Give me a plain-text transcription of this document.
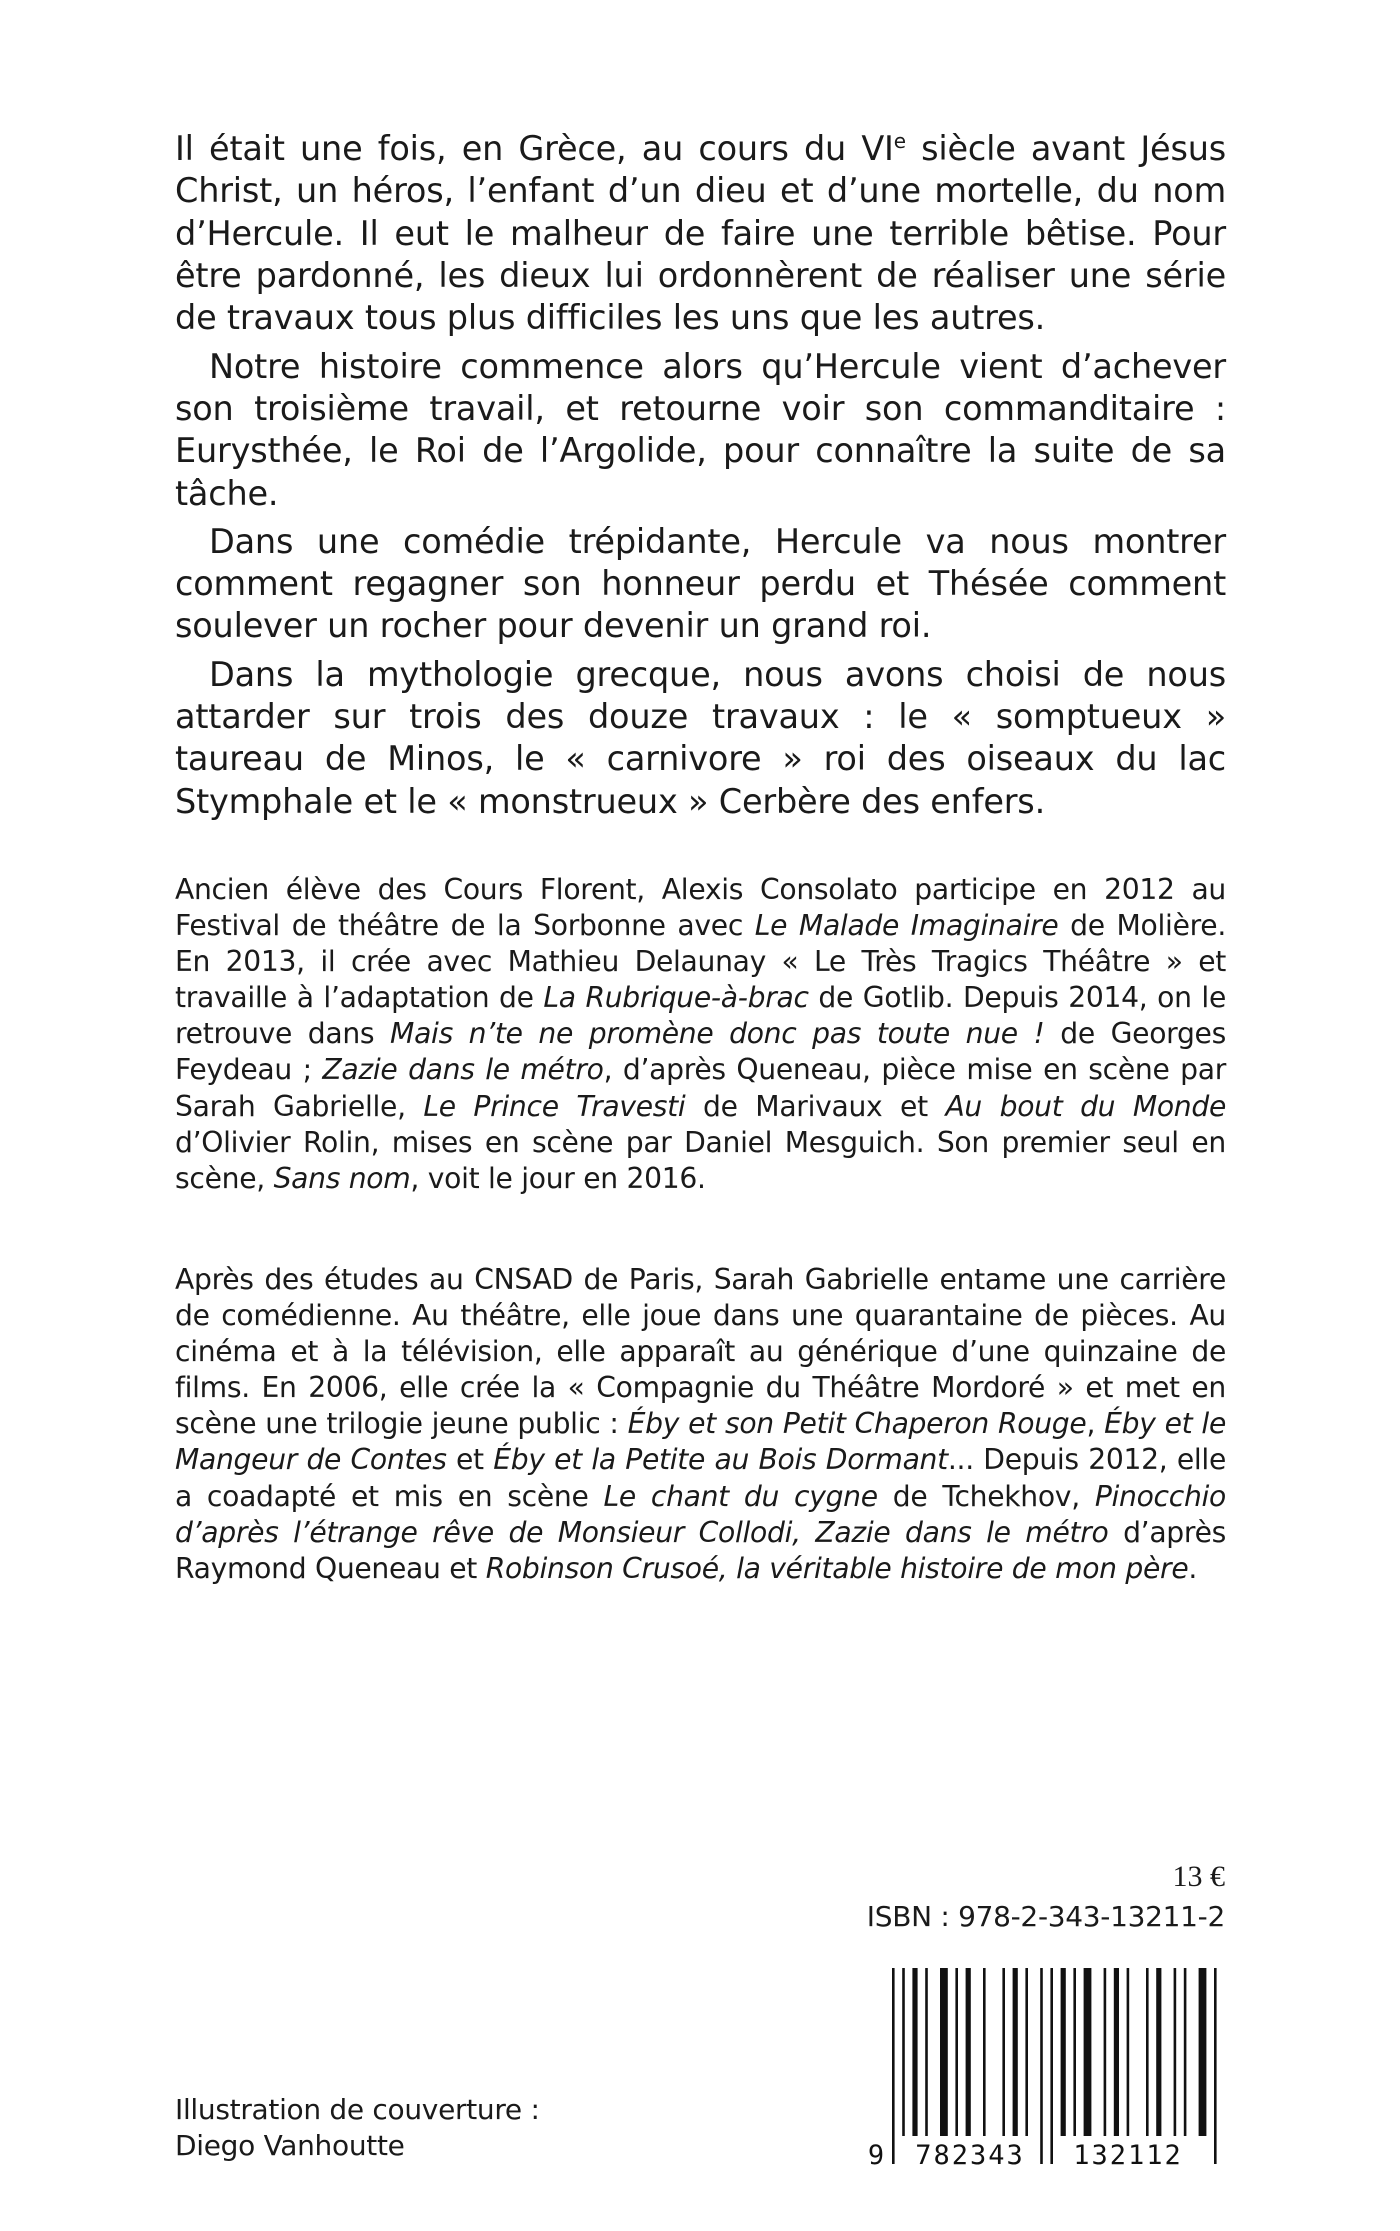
Il était une fois, en Grèce, au cours du VIe siècle avant Jésus Christ, un héros, l’enfant d’un dieu et d’une mortelle, du nom d’Hercule. Il eut le malheur de faire une terrible bêtise. Pour être pardonné, les dieux lui ordonnèrent de réaliser une série de travaux tous plus difficiles les uns que les autres.

Notre histoire commence alors qu’Hercule vient d’achever son troisième travail, et retourne voir son commanditaire : Eurysthée, le Roi de l’Argolide, pour connaître la suite de sa tâche.

Dans une comédie trépidante, Hercule va nous montrer comment regagner son honneur perdu et Thésée comment soulever un rocher pour devenir un grand roi.

Dans la mythologie grecque, nous avons choisi de nous attarder sur trois des douze travaux : le « somptueux » taureau de Minos, le « carnivore » roi des oiseaux du lac Stymphale et le « monstrueux » Cerbère des enfers.

Ancien élève des Cours Florent, Alexis Consolato participe en 2012 au Festival de théâtre de la Sorbonne avec Le Malade Imaginaire de Molière. En 2013, il crée avec Mathieu Delaunay « Le Très Tragics Théâtre » et travaille à l’adaptation de La Rubrique-à-brac de Gotlib. Depuis 2014, on le retrouve dans Mais n’te ne promène donc pas toute nue ! de Georges Feydeau ; Zazie dans le métro, d’après Queneau, pièce mise en scène par Sarah Gabrielle, Le Prince Travesti de Marivaux et Au bout du Monde d’Olivier Rolin, mises en scène par Daniel Mesguich. Son premier seul en scène, Sans nom, voit le jour en 2016.

Après des études au CNSAD de Paris, Sarah Gabrielle entame une carrière de comédienne. Au théâtre, elle joue dans une quarantaine de pièces. Au cinéma et à la télévision, elle apparaît au générique d’une quinzaine de films. En 2006, elle crée la « Compagnie du Théâtre Mordoré » et met en scène une trilogie jeune public : Éby et son Petit Chaperon Rouge, Éby et le Mangeur de Contes et Éby et la Petite au Bois Dormant... Depuis 2012, elle a coadapté et mis en scène Le chant du cygne de Tchekhov, Pinocchio d’après l’étrange rêve de Monsieur Collodi, Zazie dans le métro d’après Raymond Queneau et Robinson Crusoé, la véritable histoire de mon père.

13 €
ISBN : 978-2-343-13211-2
9 782343 132112
Illustration de couverture :
Diego Vanhoutte
